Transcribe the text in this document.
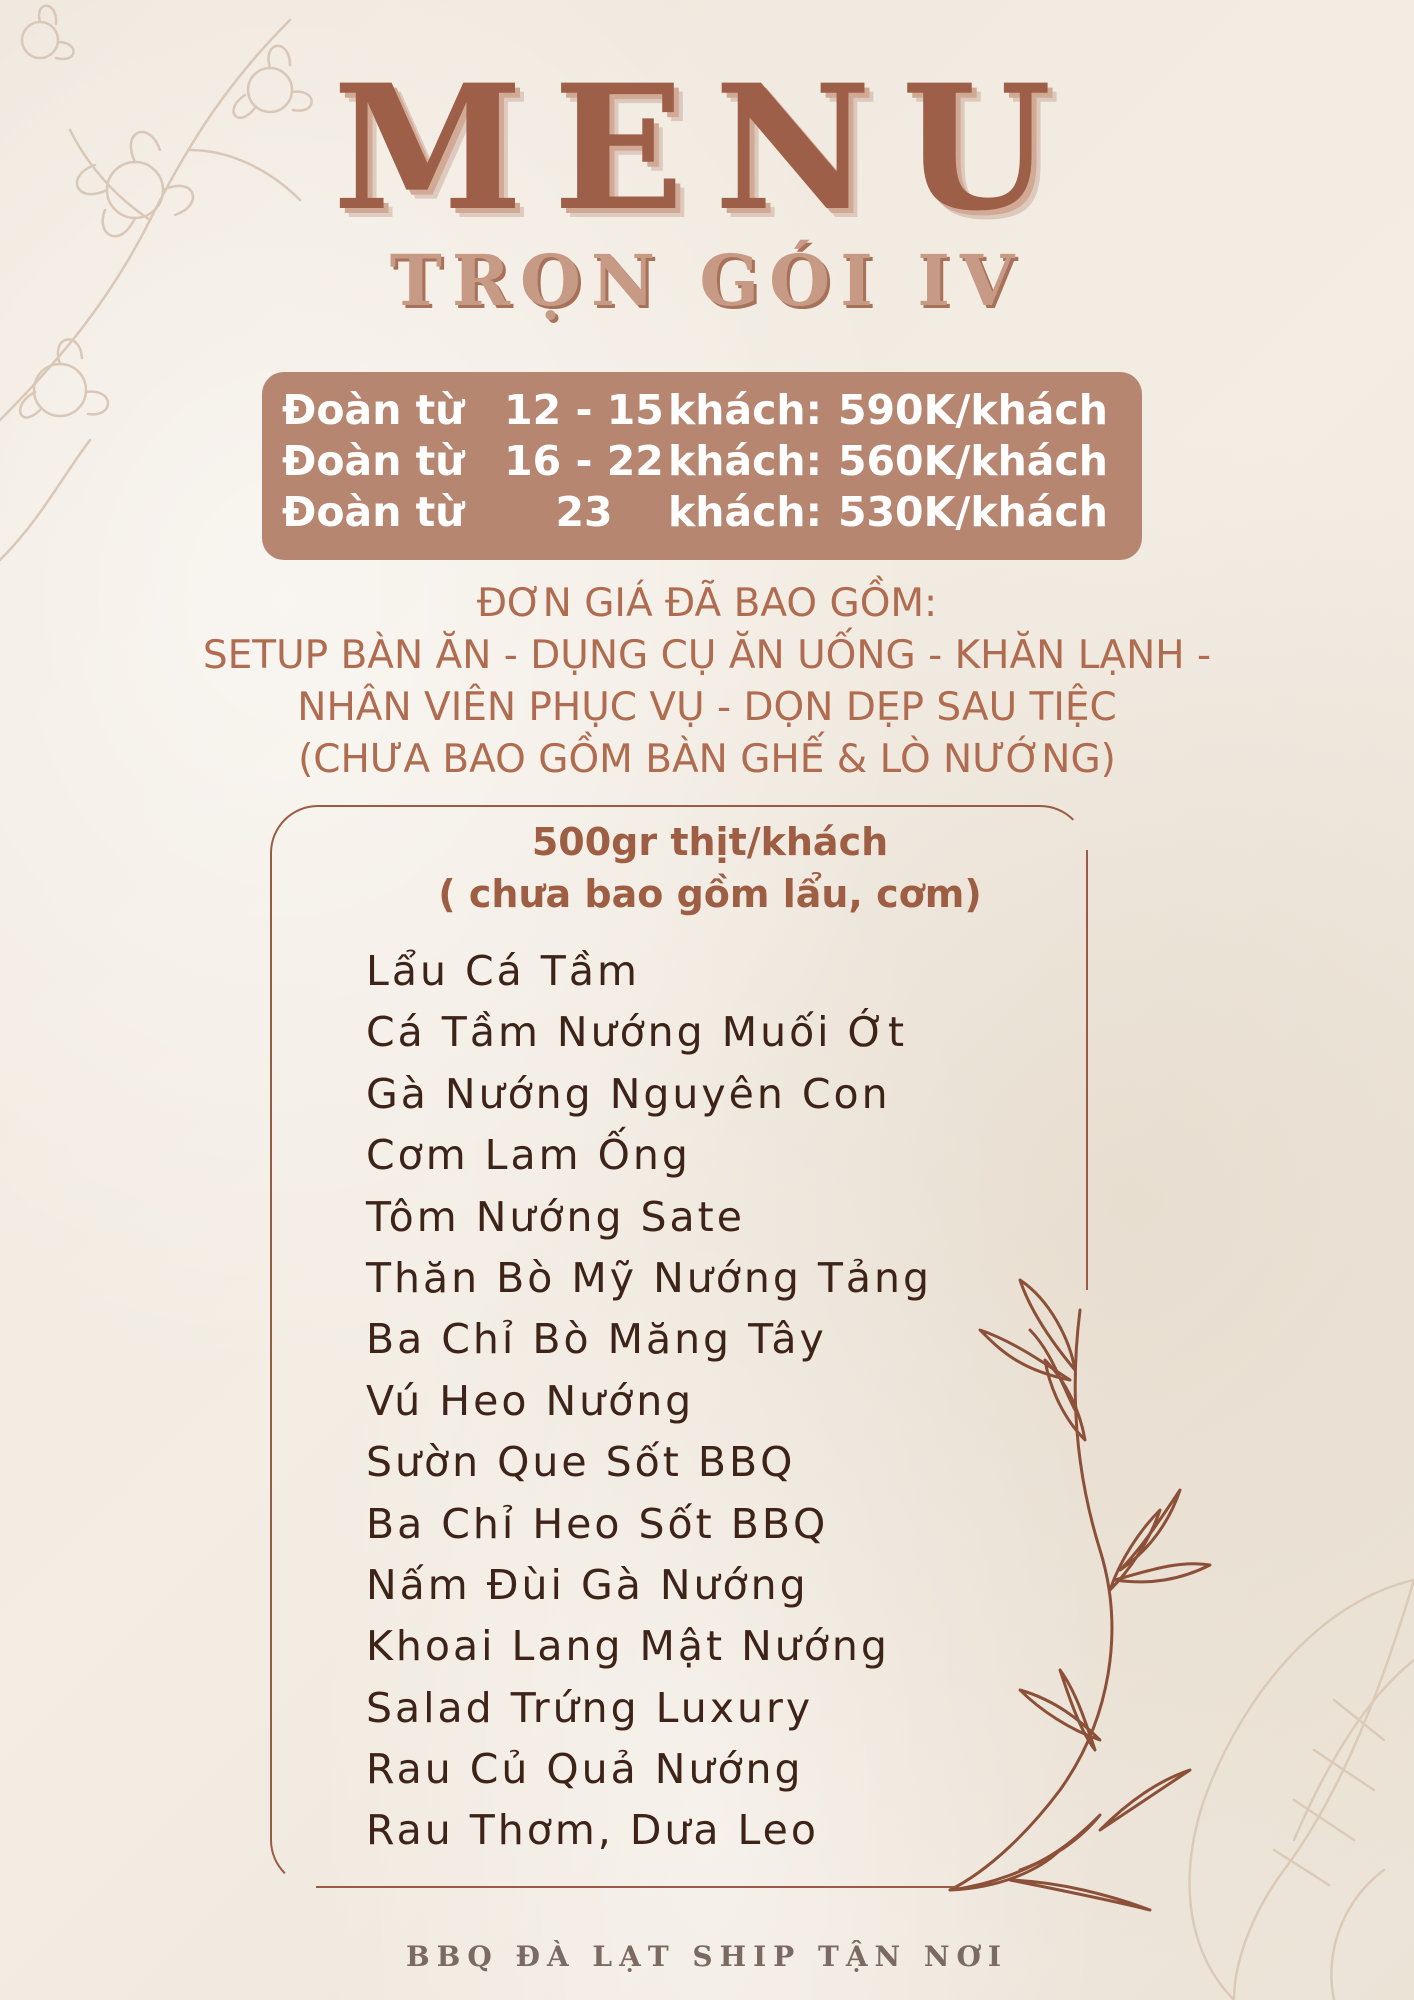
MENU
TRỌN GÓI IV
Đoàn từ 12 - 15 khách: 590K/khách
Đoàn từ 16 - 22 khách: 560K/khách
Đoàn từ	23	khách: 530K/khách
ĐƠN GIÁ ĐÃ BAO GỒM:
SETUP BÀN ĂN - DỤNG CỤ ĂN UỐNG - KHĂN LẠNH -
NHÂN VIÊN PHỤC VỤ - DỌN DẸP SAU TIỆC
(CHƯA BAO GỒM BÀN GHẾ & LÒ NƯỚNG)
500gr thịt/khách
( chưa bao gồm lẩu, cơm)
Lẩu Cá Tầm
Cá Tầm Nướng Muối Ớt
Gà Nướng Nguyên Con
Cơm Lam Ống
Tôm Nướng Sate
Thăn Bò Mỹ Nướng Tảng
Ba Chỉ Bò Măng Tây
Vú Heo Nướng
Sườn Que Sốt BBQ
Ba Chỉ Heo Sốt BBQ
Nấm Đùi Gà Nướng
Khoai Lang Mật Nướng
Salad Trứng Luxury
Rau Củ Quả Nướng
Rau Thơm, Dưa Leo
BBQ ĐÀ LẠT SHIP TẬN NƠI
